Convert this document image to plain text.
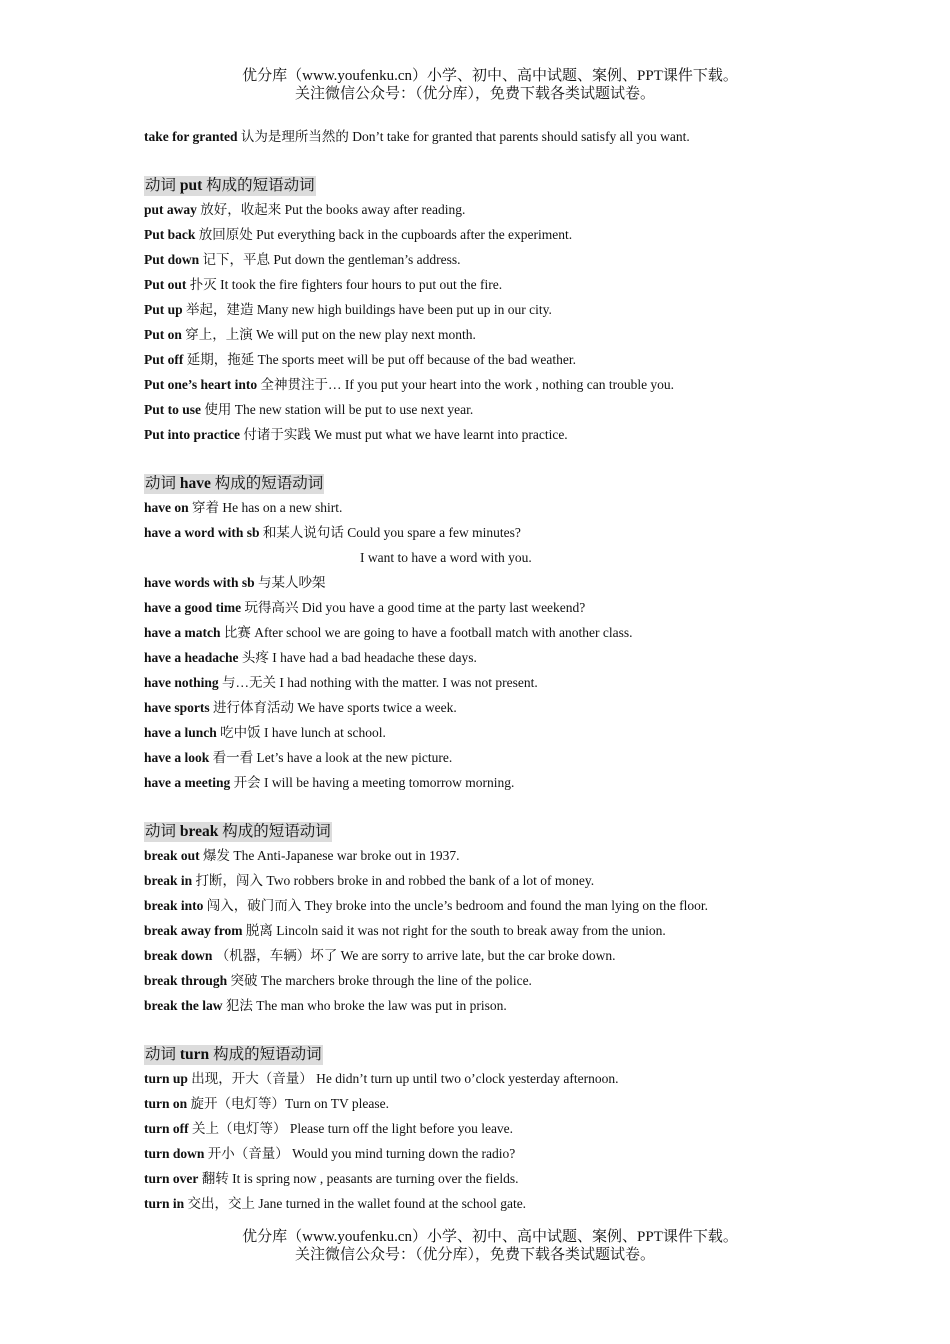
优分库（www.youfenku.cn）小学、初中、高中试题、案例、PPT课件下载。
关注微信公众号：（优分库），免费下载各类试题试卷。
take for granted 认为是理所当然的 Don’t take for granted that parents should satisfy all you want.
动词 put 构成的短语动词
put away 放好，收起来 Put the books away after reading.
Put back 放回原处 Put everything back in the cupboards after the experiment.
Put down 记下，平息 Put down the gentleman’s address.
Put out 扑灭 It took the fire fighters four hours to put out the fire.
Put up 举起，建造 Many new high buildings have been put up in our city.
Put on 穿上，上演 We will put on the new play next month.
Put off 延期，拖延 The sports meet will be put off because of the bad weather.
Put one’s heart into 全神贯注于… If you put your heart into the work , nothing can trouble you.
Put to use 使用 The new station will be put to use next year.
Put into practice 付诸于实践 We must put what we have learnt into practice.
动词 have 构成的短语动词
have on 穿着 He has on a new shirt.
have a word with sb 和某人说句话 Could you spare a few minutes?
I want to have a word with you.
have words with sb 与某人吵架
have a good time 玩得高兴 Did you have a good time at the party last weekend?
have a match 比赛 After school we are going to have a football match with another class.
have a headache 头疼 I have had a bad headache these days.
have nothing 与…无关 I had nothing with the matter. I was not present.
have sports 进行体育活动 We have sports twice a week.
have a lunch 吃中饭 I have lunch at school.
have a look 看一看 Let’s have a look at the new picture.
have a meeting 开会 I will be having a meeting tomorrow morning.
动词 break 构成的短语动词
break out 爆发 The Anti-Japanese war broke out in 1937.
break in 打断，闯入 Two robbers broke in and robbed the bank of a lot of money.
break into 闯入，破门而入 They broke into the uncle’s bedroom and found the man lying on the floor.
break away from 脱离 Lincoln said it was not right for the south to break away from the union.
break down （机器，车辆）坏了 We are sorry to arrive late, but the car broke down.
break through 突破 The marchers broke through the line of the police.
break the law 犯法 The man who broke the law was put in prison.
动词 turn 构成的短语动词
turn up 出现，开大（音量） He didn’t turn up until two o’clock yesterday afternoon.
turn on 旋开（电灯等）Turn on TV please.
turn off 关上（电灯等） Please turn off the light before you leave.
turn down 开小（音量） Would you mind turning down the radio?
turn over 翻转 It is spring now , peasants are turning over the fields.
turn in 交出，交上 Jane turned in the wallet found at the school gate.
优分库（www.youfenku.cn）小学、初中、高中试题、案例、PPT课件下载。
关注微信公众号：（优分库），免费下载各类试题试卷。
